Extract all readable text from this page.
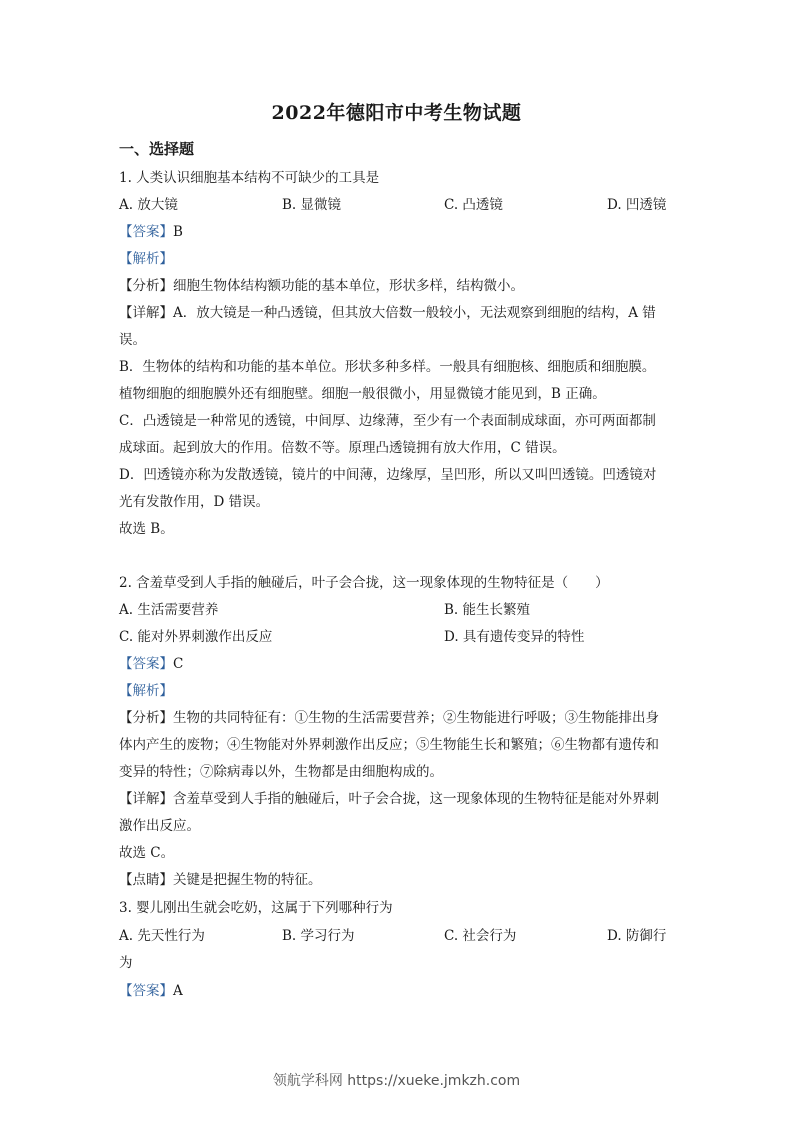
2022年德阳市中考生物试题
一、选择题
1. 人类认识细胞基本结构不可缺少的工具是
A. 放大镜	B. 显微镜	C. 凸透镜	D. 凹透镜
【答案】B
【解析】
【分析】细胞生物体结构额功能的基本单位，形状多样，结构微小。
【详解】A．放大镜是一种凸透镜，但其放大倍数一般较小，无法观察到细胞的结构，A 错
误。
B．生物体的结构和功能的基本单位。形状多种多样。一般具有细胞核、细胞质和细胞膜。
植物细胞的细胞膜外还有细胞壁。细胞一般很微小，用显微镜才能见到，B 正确。
C．凸透镜是一种常见的透镜，中间厚、边缘薄，至少有一个表面制成球面，亦可两面都制
成球面。起到放大的作用。倍数不等。原理凸透镜拥有放大作用，C 错误。
D．凹透镜亦称为发散透镜，镜片的中间薄，边缘厚，呈凹形，所以又叫凹透镜。凹透镜对
光有发散作用，D 错误。
故选 B。
2. 含羞草受到人手指的触碰后，叶子会合拢，这一现象体现的生物特征是（　　）
A. 生活需要营养	B. 能生长繁殖
C. 能对外界刺激作出反应	D. 具有遗传变异的特性
【答案】C
【解析】
【分析】生物的共同特征有：①生物的生活需要营养；②生物能进行呼吸；③生物能排出身
体内产生的废物；④生物能对外界刺激作出反应；⑤生物能生长和繁殖；⑥生物都有遗传和
变异的特性；⑦除病毒以外，生物都是由细胞构成的。
【详解】含羞草受到人手指的触碰后，叶子会合拢，这一现象体现的生物特征是能对外界刺
激作出反应。
故选 C。
【点睛】关键是把握生物的特征。
3. 婴儿刚出生就会吃奶，这属于下列哪种行为
A. 先天性行为	B. 学习行为	C. 社会行为	D. 防御行
为
【答案】A
领航学科网 https://xueke.jmkzh.com
